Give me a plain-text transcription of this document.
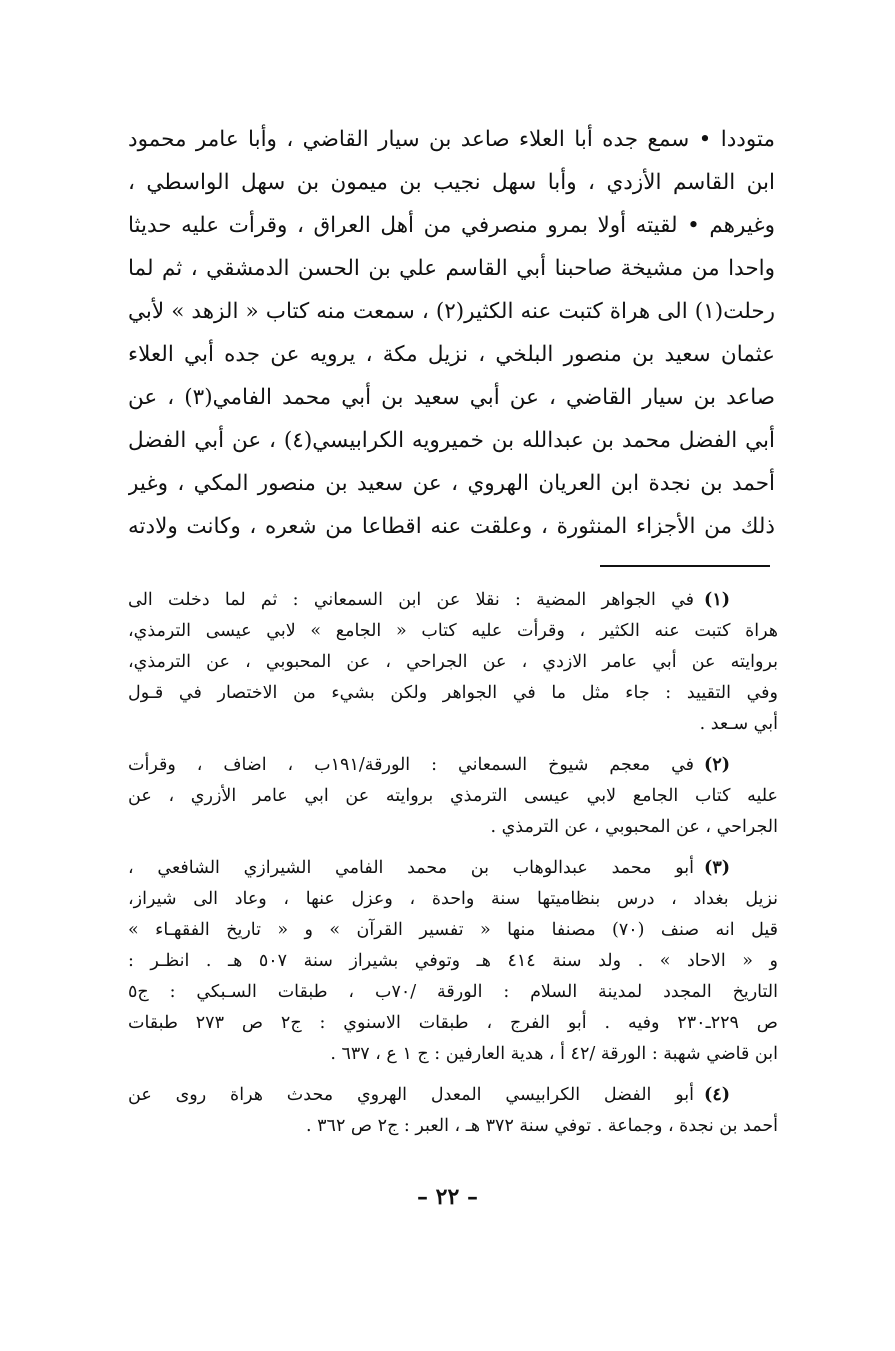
متوددا • سمع جده أبا العلاء صاعد بن سيار القاضي ، وأبا عامر محمود
ابن القاسم الأزدي ، وأبا سهل نجيب بن ميمون بن سهل الواسطي ،
وغيرهم • لقيته أولا بمرو منصرفي من أهل العراق ، وقرأت عليه حديثا
واحدا من مشيخة صاحبنا أبي القاسم علي بن الحسن الدمشقي ، ثم لما
رحلت(١) الى هراة كتبت عنه الكثير(٢) ، سمعت منه كتاب « الزهد » لأبي
عثمان سعيد بن منصور البلخي ، نزيل مكة ، يرويه عن جده أبي العلاء
صاعد بن سيار القاضي ، عن أبي سعيد بن أبي محمد الفامي(٣) ، عن
أبي الفضل محمد بن عبدالله بن خميرويه الكرابيسي(٤) ، عن أبي الفضل
أحمد بن نجدة ابن العريان الهروي ، عن سعيد بن منصور المكي ، وغير
ذلك من الأجزاء المنثورة ، وعلقت عنه اقطاعا من شعره ، وكانت ولادته
(١)في الجواهر المضية : نقلا عن ابن السمعاني : ثم لما دخلت الى
هراة كتبت عنه الكثير ، وقرأت عليه كتاب « الجامع » لابي عيسى الترمذي،
بروايته عن أبي عامر الازدي ، عن الجراحي ، عن المحبوبي ، عن الترمذي،
وفي التقييد : جاء مثل ما في الجواهر ولكن بشيء من الاختصار في قـول
أبي سـعد .
(٢)في معجم شيوخ السمعاني : الورقة/١٩١ب ، اضاف ، وقرأت
عليه كتاب الجامع لابي عيسى الترمذي بروايته عن ابي عامر الأزري ، عن
الجراحي ، عن المحبوبي ، عن الترمذي .
(٣)أبو محمد عبدالوهاب بن محمد الفامي الشيرازي الشافعي ،
نزيل بغداد ، درس بنظاميتها سنة واحدة ، وعزل عنها ، وعاد الى شيراز،
قيل انه صنف (٧٠) مصنفا منها « تفسير القرآن » و « تاريخ الفقهـاء »
و « الاحاد » . ولد سنة ٤١٤ هـ وتوفي بشيراز سنة ٥٠٧ هـ . انظـر :
التاريخ المجدد لمدينة السلام : الورقة /٧٠ب ، طبقات السـبكي : ج٥
ص ٢٢٩ـ٢٣٠ وفيه . أبو الفرج ، طبقات الاسنوي : ج٢ ص ٢٧٣ طبقات
ابن قاضي شهبة : الورقة /٤٢ أ ، هدية العارفين : ج ١ ع ، ٦٣٧ .
(٤)أبو الفضل الكرابيسي المعدل الهروي محدث هراة روى عن
أحمد بن نجدة ، وجماعة . توفي سنة ٣٧٢ هـ ، العبر : ج٢ ص ٣٦٢ .
– ٢٢ –
